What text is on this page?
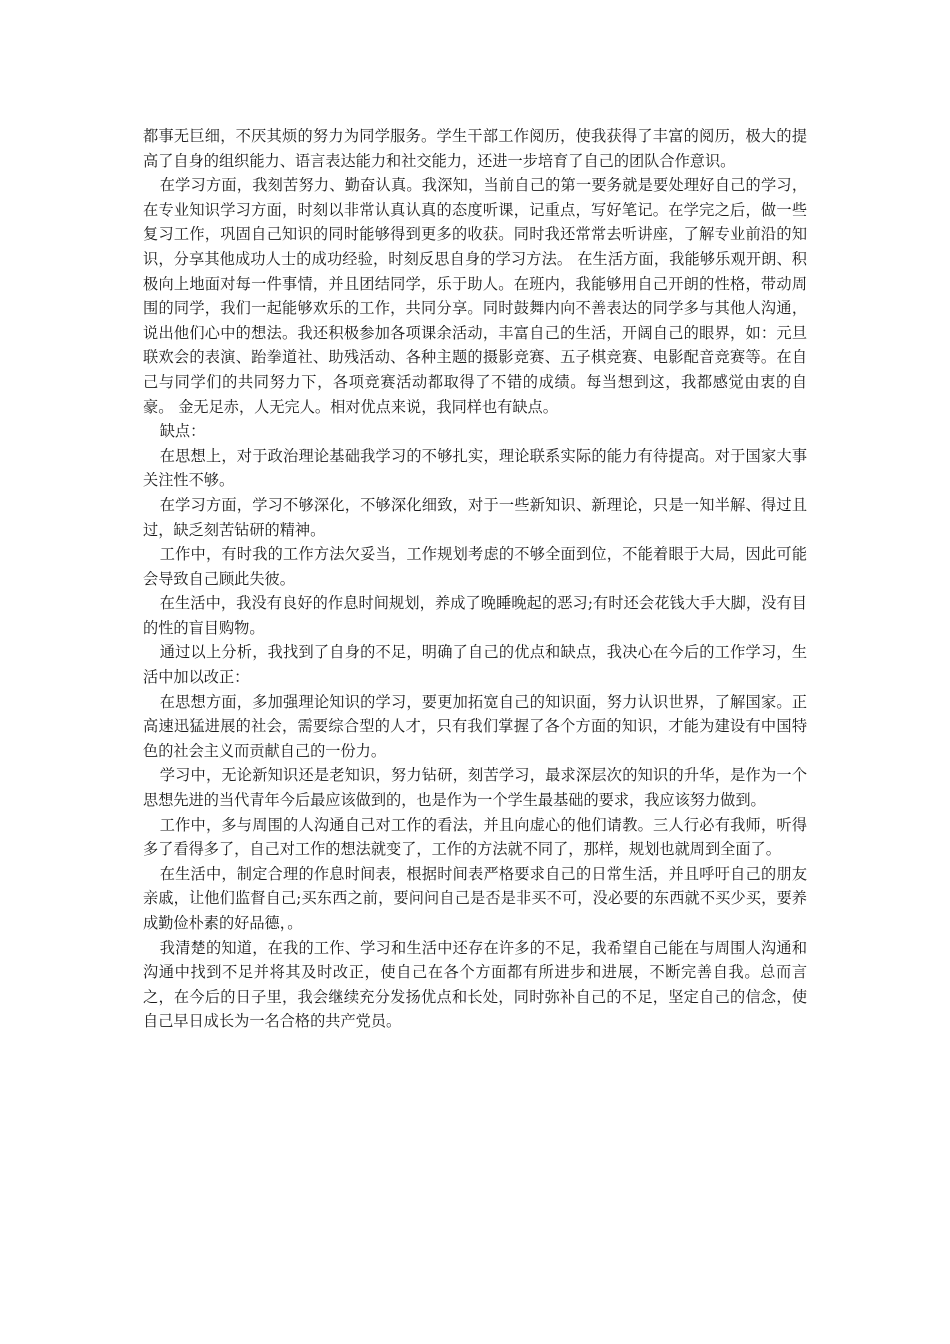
都事无巨细，不厌其烦的努力为同学服务。学生干部工作阅历，使我获得了丰富的阅历，极大的提高了自身的组织能力、语言表达能力和社交能力，还进一步培育了自己的团队合作意识。

在学习方面，我刻苦努力、勤奋认真。我深知，当前自己的第一要务就是要处理好自己的学习，在专业知识学习方面，时刻以非常认真认真的态度听课，记重点，写好笔记。在学完之后，做一些复习工作，巩固自己知识的同时能够得到更多的收获。同时我还常常去听讲座，了解专业前沿的知识，分享其他成功人士的成功经验，时刻反思自身的学习方法。 在生活方面，我能够乐观开朗、积极向上地面对每一件事情，并且团结同学，乐于助人。在班内，我能够用自己开朗的性格，带动周围的同学，我们一起能够欢乐的工作，共同分享。同时鼓舞内向不善表达的同学多与其他人沟通，说出他们心中的想法。我还积极参加各项课余活动，丰富自己的生活，开阔自己的眼界，如：元旦联欢会的表演、跆拳道社、助残活动、各种主题的摄影竞赛、五子棋竞赛、电影配音竞赛等。在自己与同学们的共同努力下，各项竞赛活动都取得了不错的成绩。每当想到这，我都感觉由衷的自豪。 金无足赤，人无完人。相对优点来说，我同样也有缺点。

缺点：

在思想上，对于政治理论基础我学习的不够扎实，理论联系实际的能力有待提高。对于国家大事关注性不够。

在学习方面，学习不够深化，不够深化细致，对于一些新知识、新理论，只是一知半解、得过且过，缺乏刻苦钻研的精神。

工作中，有时我的工作方法欠妥当，工作规划考虑的不够全面到位，不能着眼于大局，因此可能会导致自己顾此失彼。

在生活中，我没有良好的作息时间规划，养成了晚睡晚起的恶习;有时还会花钱大手大脚，没有目的性的盲目购物。

通过以上分析，我找到了自身的不足，明确了自己的优点和缺点，我决心在今后的工作学习，生活中加以改正：

在思想方面，多加强理论知识的学习，要更加拓宽自己的知识面，努力认识世界，了解国家。正高速迅猛进展的社会，需要综合型的人才，只有我们掌握了各个方面的知识，才能为建设有中国特色的社会主义而贡献自己的一份力。

学习中，无论新知识还是老知识，努力钻研，刻苦学习，最求深层次的知识的升华，是作为一个思想先进的当代青年今后最应该做到的，也是作为一个学生最基础的要求，我应该努力做到。

工作中，多与周围的人沟通自己对工作的看法，并且向虚心的他们请教。三人行必有我师，听得多了看得多了，自己对工作的想法就变了，工作的方法就不同了，那样，规划也就周到全面了。

在生活中，制定合理的作息时间表，根据时间表严格要求自己的日常生活，并且呼吁自己的朋友亲戚，让他们监督自己;买东西之前，要问问自己是否是非买不可，没必要的东西就不买少买，要养成勤俭朴素的好品德，。

我清楚的知道，在我的工作、学习和生活中还存在许多的不足，我希望自己能在与周围人沟通和沟通中找到不足并将其及时改正，使自己在各个方面都有所进步和进展，不断完善自我。总而言之，在今后的日子里，我会继续充分发扬优点和长处，同时弥补自己的不足，坚定自己的信念，使自己早日成长为一名合格的共产党员。
